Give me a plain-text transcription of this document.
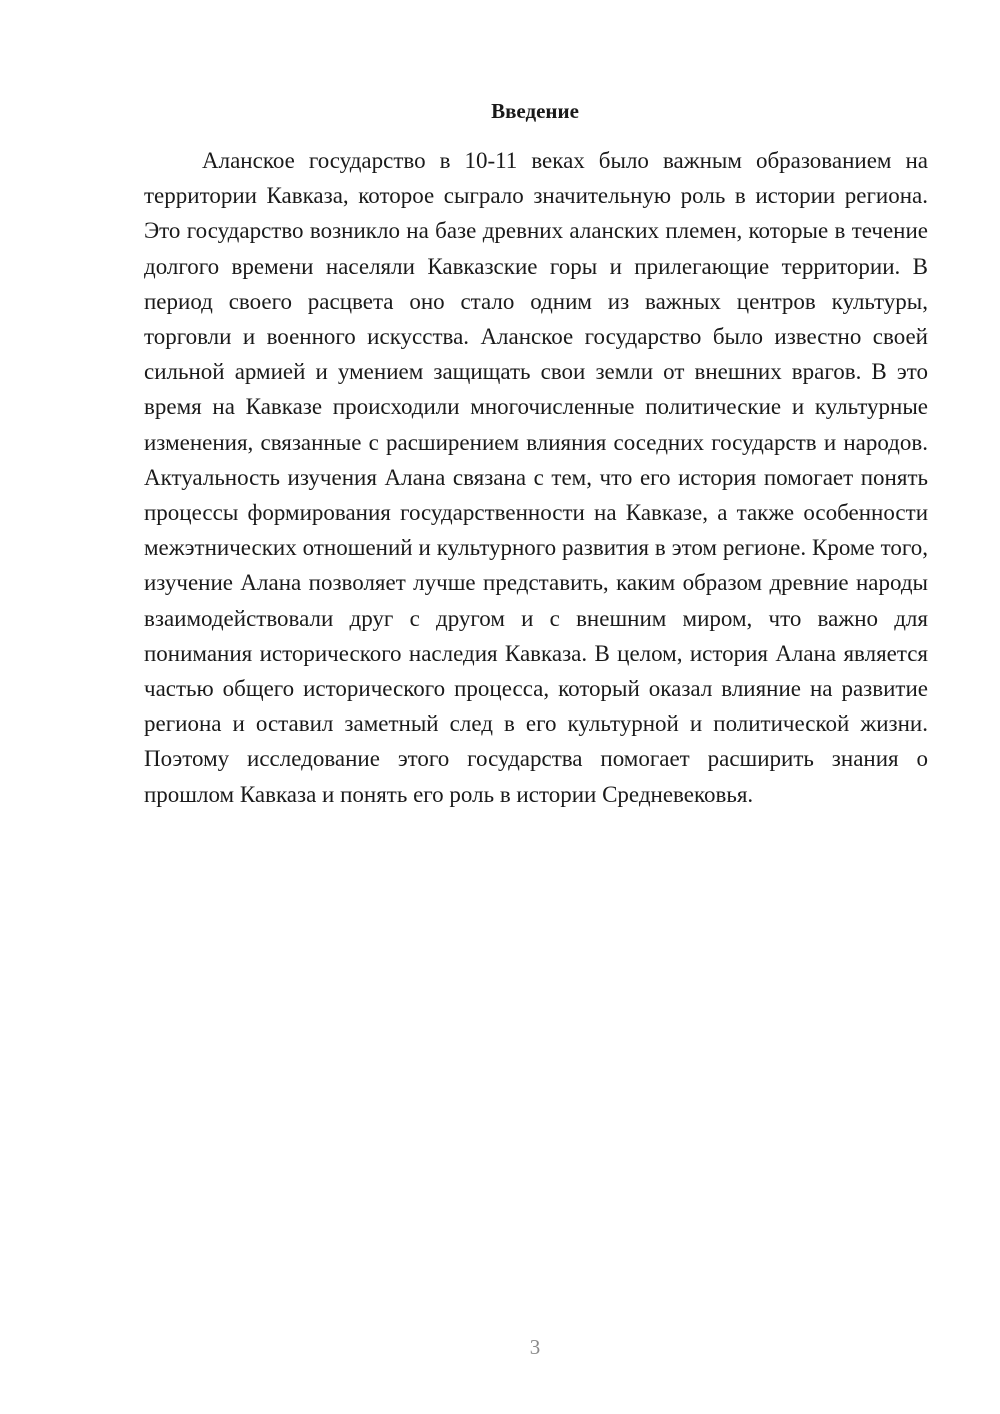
Введение

Аланское государство в 10-11 веках было важным образованием на территории Кавказа, которое сыграло значительную роль в истории региона. Это государство возникло на базе древних аланских племен, которые в течение долгого времени населяли Кавказские горы и прилегающие территории. В период своего расцвета оно стало одним из важных центров культуры, торговли и военного искусства. Аланское государство было известно своей сильной армией и умением защищать свои земли от внешних врагов. В это время на Кавказе происходили многочисленные политические и культурные изменения, связанные с расширением влияния соседних государств и народов. Актуальность изучения Алана связана с тем, что его история помогает понять процессы формирования государственности на Кавказе, а также особенности межэтнических отношений и культурного развития в этом регионе. Кроме того, изучение Алана позволяет лучше представить, каким образом древние народы взаимодействовали друг с другом и с внешним миром, что важно для понимания исторического наследия Кавказа. В целом, история Алана является частью общего исторического процесса, который оказал влияние на развитие региона и оставил заметный след в его культурной и политической жизни. Поэтому исследование этого государства помогает расширить знания о прошлом Кавказа и понять его роль в истории Средневековья.

3
